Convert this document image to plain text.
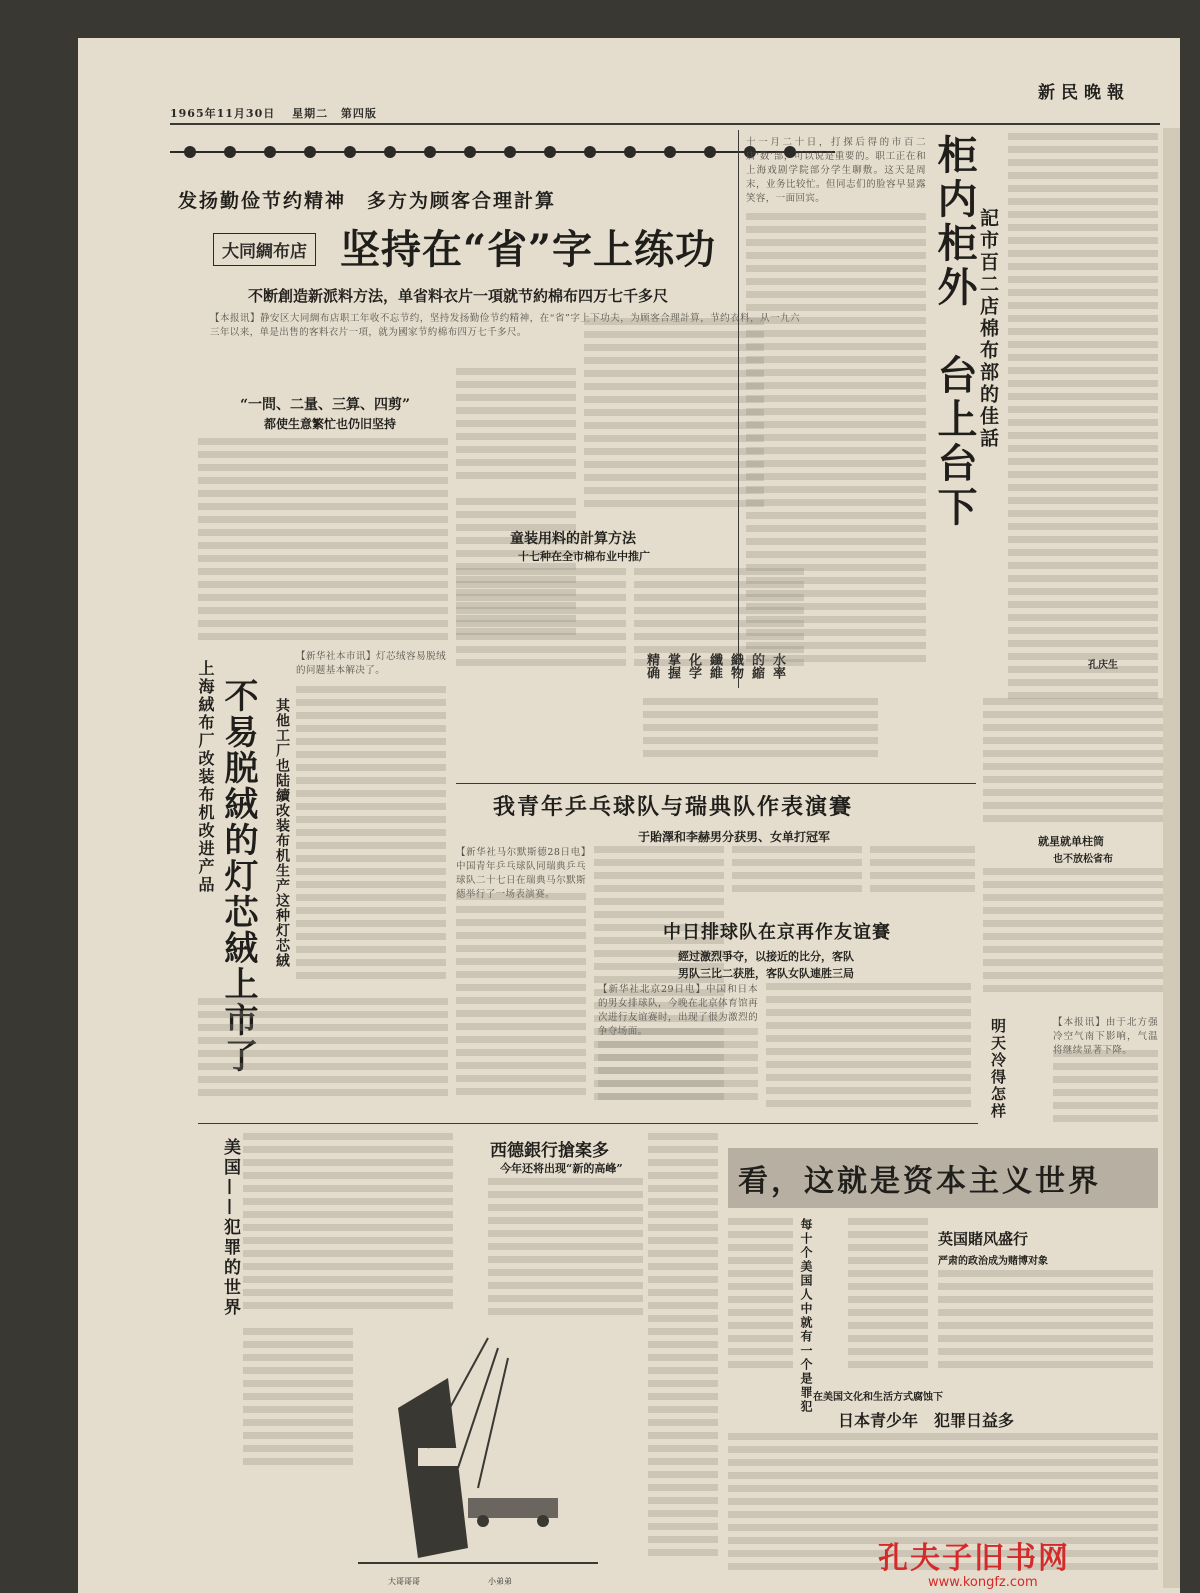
新民晚報
1965年11月30日 星期二 第四版
发扬勤俭节约精神　多方为顾客合理計算
大同綢布店 坚持在“省”字上练功
不断創造新派料方法，单省料衣片一項就节約棉布四万七千多尺
【本报讯】静安区大同綢布店职工年收不忘节约，坚持发扬勤俭节约精神，在“省”字上下功夫，为顾客合理計算，节约衣料，从一九六三年以来，单是出售的客料衣片一項，就为國家节約棉布四万七千多尺。
“一問、二量、三算、四剪”
都使生意繁忙也仍旧坚持
童装用料的計算方法
十七种在全市棉布业中推广
精确
掌握
化学
纖維
織物
的縮
水率
十一月二十日，打探后得的市百二店‘数’部，可以说是重要的。职工正在和上海戏剧学院部分学生聊敷。这天是周末，业务比较忙。但同志们的脸容早显露笑容，一面回宾。	柜内柜外　台上台下 記市百二店棉布部的佳話
孔庆生
上海絨布厂改装布机改进产品 不易脱絨的灯芯絨上市了 其他工厂也陆續改装布机生产这种灯芯絨
【新华社本市讯】灯芯绒容易脱绒的问题基本解决了。
我青年乒乓球队与瑞典队作表演賽
于貽澤和李赫男分获男、女单打冠军
【新华社马尔默斯德28日电】中国青年乒乓球队同瑞典乒乓球队二十七日在瑞典马尔默斯德举行了一场表演赛。
中日排球队在京再作友谊賽
經过激烈爭夺，以接近的比分，客队
男队三比二获胜，客队女队連胜三局
【新华社北京29日电】中国和日本的男女排球队，今晚在北京体育馆再次进行友谊赛时，出现了很为激烈的争夺场面。
就星就单柱筒
也不放松省布
明天冷得怎样	【本报讯】由于北方强冷空气南下影响，气温将继续显著下降。
美国——犯罪的世界
大哥哥哥	小弟弟
西德銀行搶案多
今年还将出现“新的高峰”	看，这就是资本主义世界
每十个美国人中就有一个是罪犯	英国賭风盛行
严肃的政治成为赌博对象
在美国文化和生活方式腐蚀下
日本青少年　犯罪日益多
孔夫子旧书网
www.kongfz.com
